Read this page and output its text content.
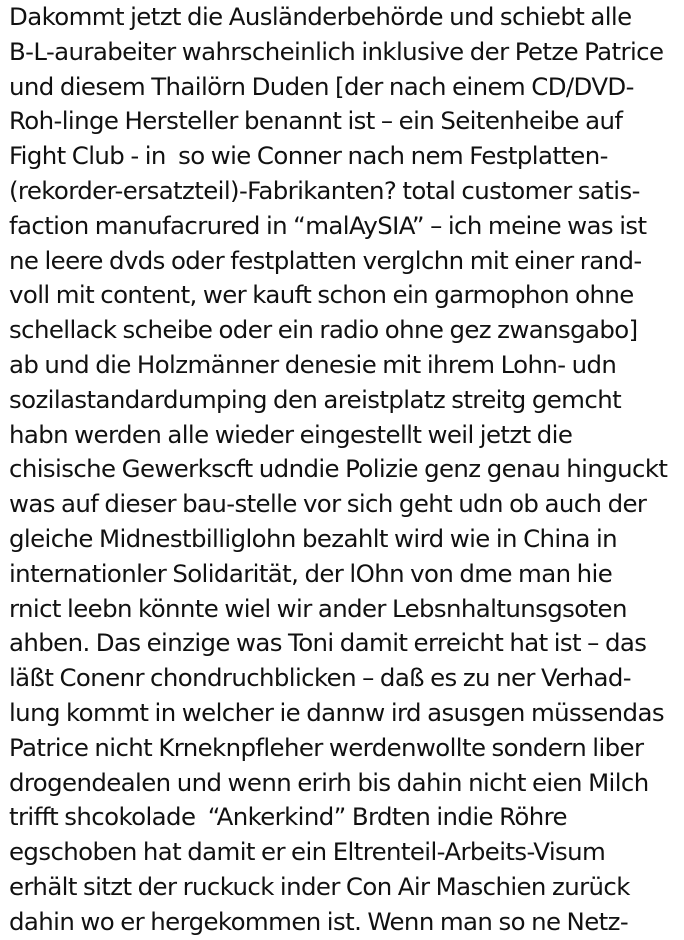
Dakommt jetzt die Ausländerbehörde und schiebt alle
B-L-aurabeiter wahrscheinlich inklusive der Petze Patrice
und diesem Thailörn Duden [der nach einem CD/DVD-
Roh-linge Hersteller benannt ist – ein Seitenheibe auf
Fight Club - in  so wie Conner nach nem Festplatten-
(rekorder-ersatzteil)-Fabrikanten? total customer satis-
faction manufacrured in “malAySIA” – ich meine was ist
ne leere dvds oder festplatten verglchn mit einer rand-
voll mit content, wer kauft schon ein garmophon ohne
schellack scheibe oder ein radio ohne gez zwansgabo]
ab und die Holzmänner denesie mit ihrem Lohn- udn
sozilastandardumping den areistplatz streitg gemcht
habn werden alle wieder eingestellt weil jetzt die
chisische Gewerkscft udndie Polizie genz genau hinguckt
was auf dieser bau-stelle vor sich geht udn ob auch der
gleiche Midnestbilliglohn bezahlt wird wie in China in
internationler Solidarität, der lOhn von dme man hie
rnict leebn könnte wiel wir ander Lebsnhaltunsgsoten
ahben. Das einzige was Toni damit erreicht hat ist – das
läßt Conenr chondruchblicken – daß es zu ner Verhad-
lung kommt in welcher ie dannw ird asusgen müssendas
Patrice nicht Krneknpfleher werdenwollte sondern liber
drogendealen und wenn erirh bis dahin nicht eien Milch
trifft shcokolade  “Ankerkind” Brdten indie Röhre
egschoben hat damit er ein Eltrenteil-Arbeits-Visum
erhält sitzt der ruckuck inder Con Air Maschien zurück
dahin wo er hergekommen ist. Wenn man so ne Netz-
